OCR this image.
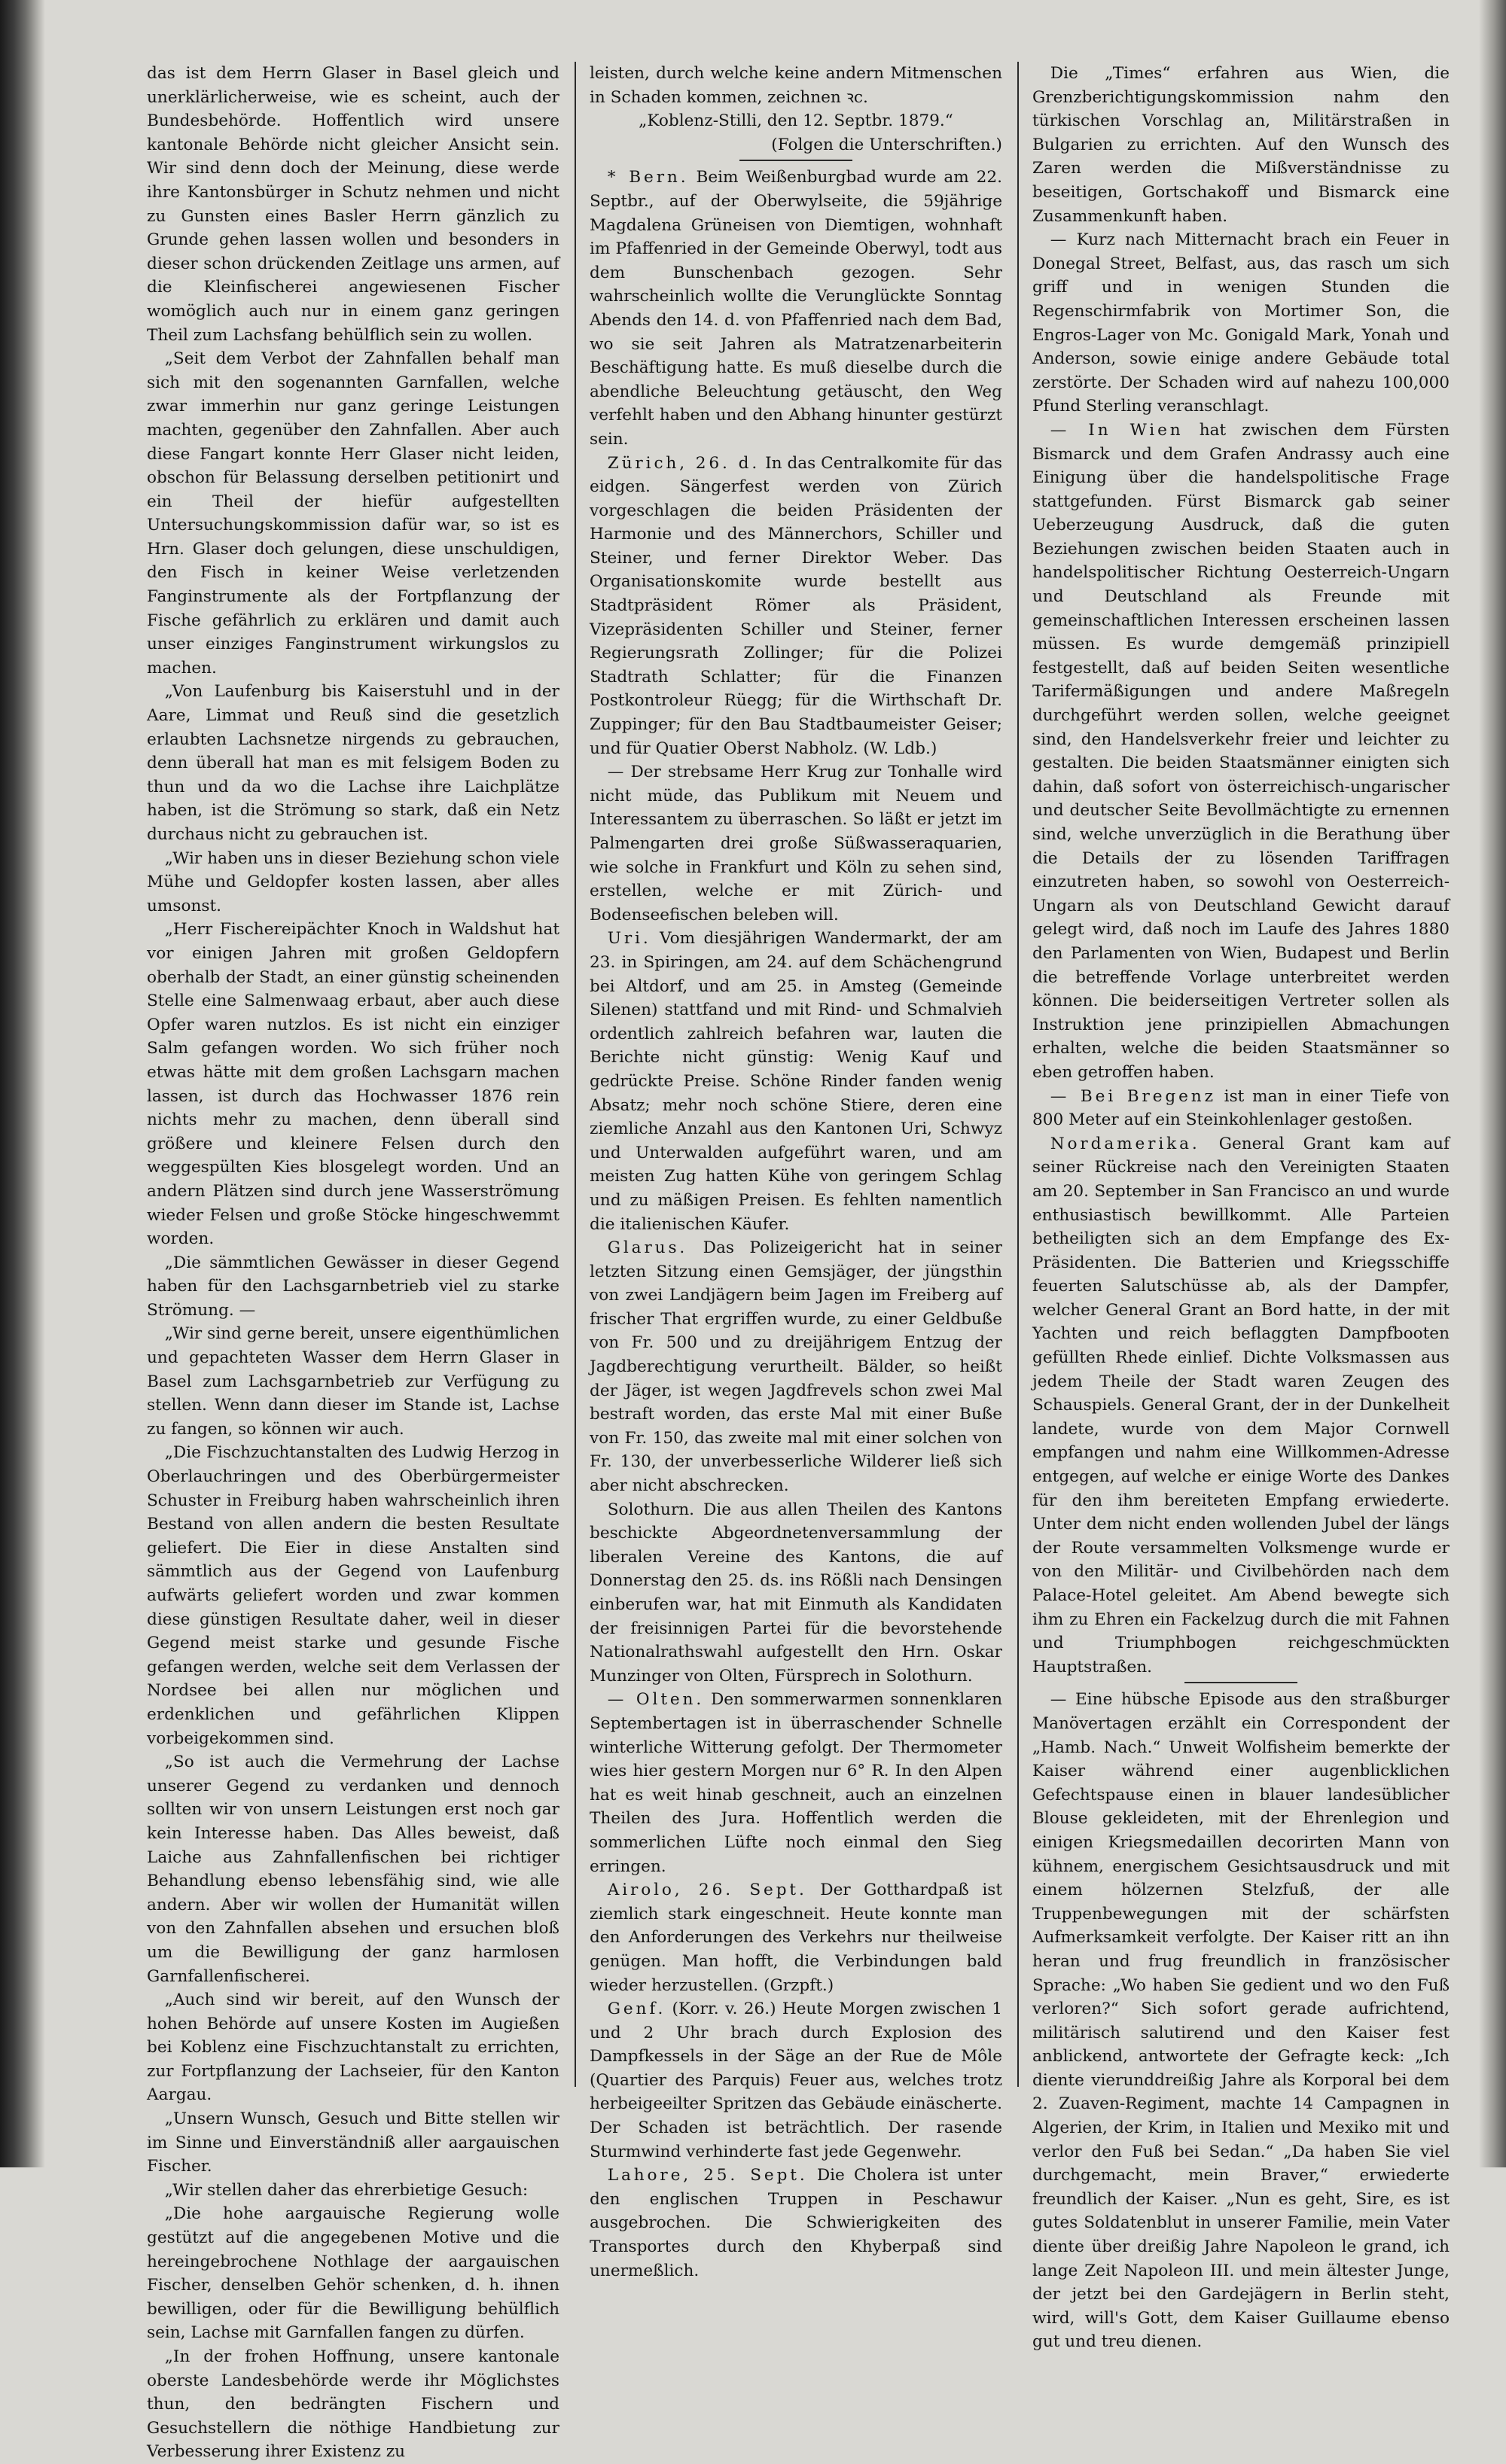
das ist dem Herrn Glaser in Basel gleich und unerklärlicherweise, wie es scheint, auch der Bundesbehörde. Hoffentlich wird unsere kantonale Behörde nicht gleicher Ansicht sein. Wir sind denn doch der Meinung, diese werde ihre Kantonsbürger in Schutz nehmen und nicht zu Gunsten eines Basler Herrn gänzlich zu Grunde gehen lassen wollen und besonders in dieser schon drückenden Zeitlage uns armen, auf die Kleinfischerei angewiesenen Fischer womöglich auch nur in einem ganz geringen Theil zum Lachsfang behülflich sein zu wollen.

„Seit dem Verbot der Zahnfallen behalf man sich mit den sogenannten Garnfallen, welche zwar immerhin nur ganz geringe Leistungen machten, gegenüber den Zahnfallen. Aber auch diese Fangart konnte Herr Glaser nicht leiden, obschon für Belassung derselben petitionirt und ein Theil der hiefür aufgestellten Untersuchungskommission dafür war, so ist es Hrn. Glaser doch gelungen, diese unschuldigen, den Fisch in keiner Weise verletzenden Fanginstrumente als der Fortpflanzung der Fische gefährlich zu erklären und damit auch unser einziges Fanginstrument wirkungslos zu machen.

„Von Laufenburg bis Kaiserstuhl und in der Aare, Limmat und Reuß sind die gesetzlich erlaubten Lachsnetze nirgends zu gebrauchen, denn überall hat man es mit felsigem Boden zu thun und da wo die Lachse ihre Laichplätze haben, ist die Strömung so stark, daß ein Netz durchaus nicht zu gebrauchen ist.

„Wir haben uns in dieser Beziehung schon viele Mühe und Geldopfer kosten lassen, aber alles umsonst.

„Herr Fischereipächter Knoch in Waldshut hat vor einigen Jahren mit großen Geldopfern oberhalb der Stadt, an einer günstig scheinenden Stelle eine Salmenwaag erbaut, aber auch diese Opfer waren nutzlos. Es ist nicht ein einziger Salm gefangen worden. Wo sich früher noch etwas hätte mit dem großen Lachsgarn machen lassen, ist durch das Hochwasser 1876 rein nichts mehr zu machen, denn überall sind größere und kleinere Felsen durch den weggespülten Kies blosgelegt worden. Und an andern Plätzen sind durch jene Wasserströmung wieder Felsen und große Stöcke hingeschwemmt worden.

„Die sämmtlichen Gewässer in dieser Gegend haben für den Lachsgarnbetrieb viel zu starke Strömung. —

„Wir sind gerne bereit, unsere eigenthümlichen und gepachteten Wasser dem Herrn Glaser in Basel zum Lachsgarnbetrieb zur Verfügung zu stellen. Wenn dann dieser im Stande ist, Lachse zu fangen, so können wir auch.

„Die Fischzuchtanstalten des Ludwig Herzog in Oberlauchringen und des Oberbürgermeister Schuster in Freiburg haben wahrscheinlich ihren Bestand von allen andern die besten Resultate geliefert. Die Eier in diese Anstalten sind sämmtlich aus der Gegend von Laufenburg aufwärts geliefert worden und zwar kommen diese günstigen Resultate daher, weil in dieser Gegend meist starke und gesunde Fische gefangen werden, welche seit dem Verlassen der Nordsee bei allen nur möglichen und erdenklichen und gefährlichen Klippen vorbeigekommen sind.

„So ist auch die Vermehrung der Lachse unserer Gegend zu verdanken und dennoch sollten wir von unsern Leistungen erst noch gar kein Interesse haben. Das Alles beweist, daß Laiche aus Zahnfallenfischen bei richtiger Behandlung ebenso lebensfähig sind, wie alle andern. Aber wir wollen der Humanität willen von den Zahnfallen absehen und ersuchen bloß um die Bewilligung der ganz harmlosen Garnfallenfischerei.

„Auch sind wir bereit, auf den Wunsch der hohen Behörde auf unsere Kosten im Augießen bei Koblenz eine Fischzuchtanstalt zu errichten, zur Fortpflanzung der Lachseier, für den Kanton Aargau.

„Unsern Wunsch, Gesuch und Bitte stellen wir im Sinne und Einverständniß aller aargauischen Fischer.

„Wir stellen daher das ehrerbietige Gesuch:

„Die hohe aargauische Regierung wolle gestützt auf die angegebenen Motive und die hereingebrochene Nothlage der aargauischen Fischer, denselben Gehör schenken, d. h. ihnen bewilligen, oder für die Bewilligung behülflich sein, Lachse mit Garnfallen fangen zu dürfen.

„In der frohen Hoffnung, unsere kantonale oberste Landesbehörde werde ihr Möglichstes thun, den bedrängten Fischern und Gesuchstellern die nöthige Handbietung zur Verbesserung ihrer Existenz zu

leisten, durch welche keine andern Mitmenschen in Schaden kommen, zeichnen ꝛc.

„Koblenz-Stilli, den 12. Septbr. 1879.“

(Folgen die Unterschriften.)

* Bern. Beim Weißenburgbad wurde am 22. Septbr., auf der Oberwylseite, die 59jährige Magdalena Grüneisen von Diemtigen, wohnhaft im Pfaffenried in der Gemeinde Oberwyl, todt aus dem Bunschenbach gezogen. Sehr wahrscheinlich wollte die Verunglückte Sonntag Abends den 14. d. von Pfaffenried nach dem Bad, wo sie seit Jahren als Matratzenarbeiterin Beschäftigung hatte. Es muß dieselbe durch die abendliche Beleuchtung getäuscht, den Weg verfehlt haben und den Abhang hinunter gestürzt sein.

Zürich, 26. d. In das Centralkomite für das eidgen. Sängerfest werden von Zürich vorgeschlagen die beiden Präsidenten der Harmonie und des Männerchors, Schiller und Steiner, und ferner Direktor Weber. Das Organisationskomite wurde bestellt aus Stadtpräsident Römer als Präsident, Vizepräsidenten Schiller und Steiner, ferner Regierungsrath Zollinger; für die Polizei Stadtrath Schlatter; für die Finanzen Postkontroleur Rüegg; für die Wirthschaft Dr. Zuppinger; für den Bau Stadtbaumeister Geiser; und für Quatier Oberst Nabholz. (W. Ldb.)

— Der strebsame Herr Krug zur Tonhalle wird nicht müde, das Publikum mit Neuem und Interessantem zu überraschen. So läßt er jetzt im Palmengarten drei große Süßwasseraquarien, wie solche in Frankfurt und Köln zu sehen sind, erstellen, welche er mit Zürich- und Bodenseefischen beleben will.

Uri. Vom diesjährigen Wandermarkt, der am 23. in Spiringen, am 24. auf dem Schächengrund bei Altdorf, und am 25. in Amsteg (Gemeinde Silenen) stattfand und mit Rind- und Schmalvieh ordentlich zahlreich befahren war, lauten die Berichte nicht günstig: Wenig Kauf und gedrückte Preise. Schöne Rinder fanden wenig Absatz; mehr noch schöne Stiere, deren eine ziemliche Anzahl aus den Kantonen Uri, Schwyz und Unterwalden aufgeführt waren, und am meisten Zug hatten Kühe von geringem Schlag und zu mäßigen Preisen. Es fehlten namentlich die italienischen Käufer.

Glarus. Das Polizeigericht hat in seiner letzten Sitzung einen Gemsjäger, der jüngsthin von zwei Landjägern beim Jagen im Freiberg auf frischer That ergriffen wurde, zu einer Geldbuße von Fr. 500 und zu dreijährigem Entzug der Jagdberechtigung verurtheilt. Bälder, so heißt der Jäger, ist wegen Jagdfrevels schon zwei Mal bestraft worden, das erste Mal mit einer Buße von Fr. 150, das zweite mal mit einer solchen von Fr. 130, der unverbesserliche Wilderer ließ sich aber nicht abschrecken.

Solothurn. Die aus allen Theilen des Kantons beschickte Abgeordnetenversammlung der liberalen Vereine des Kantons, die auf Donnerstag den 25. ds. ins Rößli nach Densingen einberufen war, hat mit Einmuth als Kandidaten der freisinnigen Partei für die bevorstehende Nationalrathswahl aufgestellt den Hrn. Oskar Munzinger von Olten, Fürsprech in Solothurn.

— Olten. Den sommerwarmen sonnenklaren Septembertagen ist in überraschender Schnelle winterliche Witterung gefolgt. Der Thermometer wies hier gestern Morgen nur 6° R. In den Alpen hat es weit hinab geschneit, auch an einzelnen Theilen des Jura. Hoffentlich werden die sommerlichen Lüfte noch einmal den Sieg erringen.

Airolo, 26. Sept. Der Gotthardpaß ist ziemlich stark eingeschneit. Heute konnte man den Anforderungen des Verkehrs nur theilweise genügen. Man hofft, die Verbindungen bald wieder herzustellen. (Grzpft.)

Genf. (Korr. v. 26.) Heute Morgen zwischen 1 und 2 Uhr brach durch Explosion des Dampfkessels in der Säge an der Rue de Môle (Quartier des Parquis) Feuer aus, welches trotz herbeigeeilter Spritzen das Gebäude einäscherte. Der Schaden ist beträchtlich. Der rasende Sturmwind verhinderte fast jede Gegenwehr.

Lahore, 25. Sept. Die Cholera ist unter den englischen Truppen in Peschawur ausgebrochen. Die Schwierigkeiten des Transportes durch den Khyberpaß sind unermeßlich.

Die „Times“ erfahren aus Wien, die Grenzberichtigungskommission nahm den türkischen Vorschlag an, Militärstraßen in Bulgarien zu errichten. Auf den Wunsch des Zaren werden die Mißverständnisse zu beseitigen, Gortschakoff und Bismarck eine Zusammenkunft haben.

— Kurz nach Mitternacht brach ein Feuer in Donegal Street, Belfast, aus, das rasch um sich griff und in wenigen Stunden die Regenschirmfabrik von Mortimer Son, die Engros-Lager von Mc. Gonigald Mark, Yonah und Anderson, sowie einige andere Gebäude total zerstörte. Der Schaden wird auf nahezu 100,000 Pfund Sterling veranschlagt.

— In Wien hat zwischen dem Fürsten Bismarck und dem Grafen Andrassy auch eine Einigung über die handelspolitische Frage stattgefunden. Fürst Bismarck gab seiner Ueberzeugung Ausdruck, daß die guten Beziehungen zwischen beiden Staaten auch in handelspolitischer Richtung Oesterreich-Ungarn und Deutschland als Freunde mit gemeinschaftlichen Interessen erscheinen lassen müssen. Es wurde demgemäß prinzipiell festgestellt, daß auf beiden Seiten wesentliche Tarifermäßigungen und andere Maßregeln durchgeführt werden sollen, welche geeignet sind, den Handelsverkehr freier und leichter zu gestalten. Die beiden Staatsmänner einigten sich dahin, daß sofort von österreichisch-ungarischer und deutscher Seite Bevollmächtigte zu ernennen sind, welche unverzüglich in die Berathung über die Details der zu lösenden Tariffragen einzutreten haben, so sowohl von Oesterreich-Ungarn als von Deutschland Gewicht darauf gelegt wird, daß noch im Laufe des Jahres 1880 den Parlamenten von Wien, Budapest und Berlin die betreffende Vorlage unterbreitet werden können. Die beiderseitigen Vertreter sollen als Instruktion jene prinzipiellen Abmachungen erhalten, welche die beiden Staatsmänner so eben getroffen haben.

— Bei Bregenz ist man in einer Tiefe von 800 Meter auf ein Steinkohlenlager gestoßen.

Nordamerika. General Grant kam auf seiner Rückreise nach den Vereinigten Staaten am 20. September in San Francisco an und wurde enthusiastisch bewillkommt. Alle Parteien betheiligten sich an dem Empfange des Ex-Präsidenten. Die Batterien und Kriegsschiffe feuerten Salutschüsse ab, als der Dampfer, welcher General Grant an Bord hatte, in der mit Yachten und reich beflaggten Dampfbooten gefüllten Rhede einlief. Dichte Volksmassen aus jedem Theile der Stadt waren Zeugen des Schauspiels. General Grant, der in der Dunkelheit landete, wurde von dem Major Cornwell empfangen und nahm eine Willkommen-Adresse entgegen, auf welche er einige Worte des Dankes für den ihm bereiteten Empfang erwiederte. Unter dem nicht enden wollenden Jubel der längs der Route versammelten Volksmenge wurde er von den Militär- und Civilbehörden nach dem Palace-Hotel geleitet. Am Abend bewegte sich ihm zu Ehren ein Fackelzug durch die mit Fahnen und Triumphbogen reichgeschmückten Hauptstraßen.

— Eine hübsche Episode aus den straßburger Manövertagen erzählt ein Correspondent der „Hamb. Nach.“ Unweit Wolfisheim bemerkte der Kaiser während einer augenblicklichen Gefechtspause einen in blauer landesüblicher Blouse gekleideten, mit der Ehrenlegion und einigen Kriegsmedaillen decorirten Mann von kühnem, energischem Gesichtsausdruck und mit einem hölzernen Stelzfuß, der alle Truppenbewegungen mit der schärfsten Aufmerksamkeit verfolgte. Der Kaiser ritt an ihn heran und frug freundlich in französischer Sprache: „Wo haben Sie gedient und wo den Fuß verloren?“ Sich sofort gerade aufrichtend, militärisch salutirend und den Kaiser fest anblickend, antwortete der Gefragte keck: „Ich diente vierunddreißig Jahre als Korporal bei dem 2. Zuaven-Regiment, machte 14 Campagnen in Algerien, der Krim, in Italien und Mexiko mit und verlor den Fuß bei Sedan.“ „Da haben Sie viel durchgemacht, mein Braver,“ erwiederte freundlich der Kaiser. „Nun es geht, Sire, es ist gutes Soldatenblut in unserer Familie, mein Vater diente über dreißig Jahre Napoleon le grand, ich lange Zeit Napoleon III. und mein ältester Junge, der jetzt bei den Gardejägern in Berlin steht, wird, will's Gott, dem Kaiser Guillaume ebenso gut und treu dienen.
